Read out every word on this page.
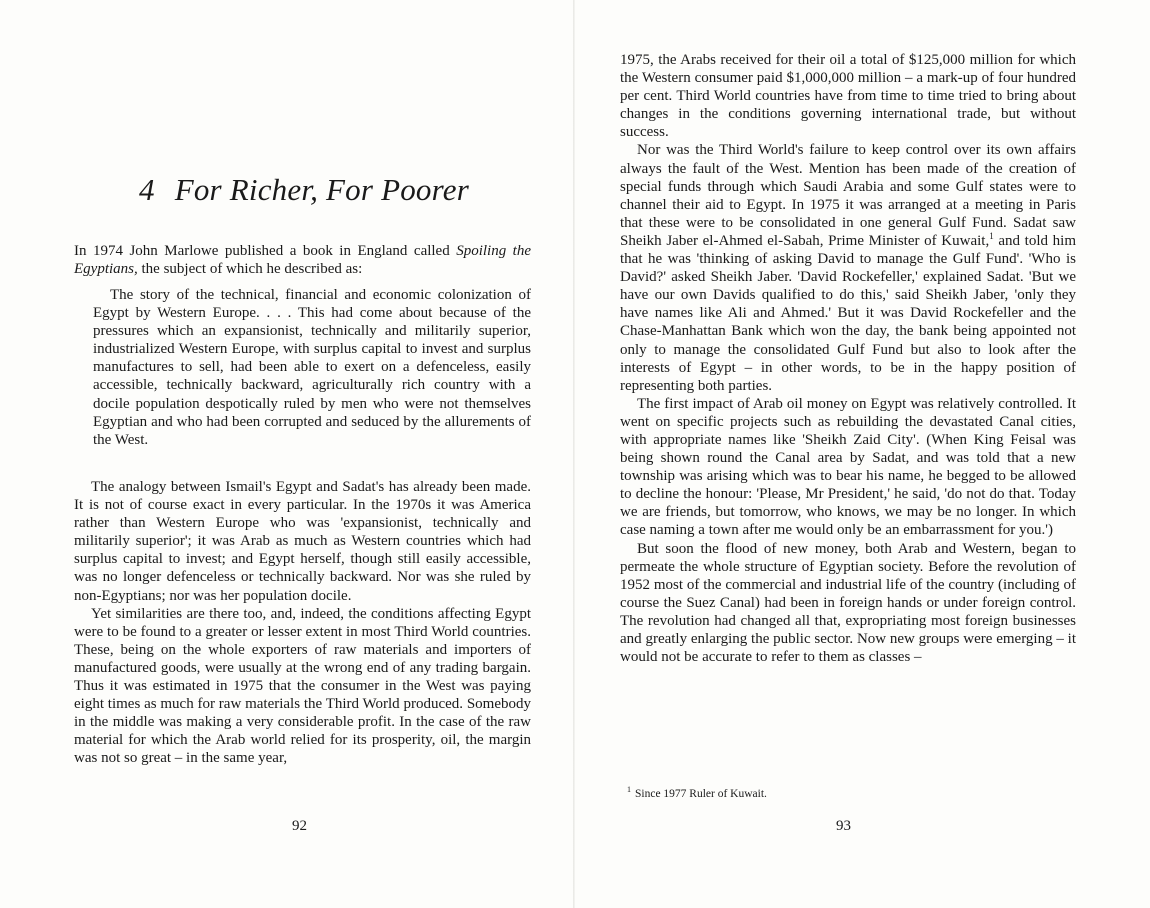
4 For Richer, For Poorer

In 1974 John Marlowe published a book in England called Spoiling the Egyptians, the subject of which he described as:

The story of the technical, financial and economic colonization of Egypt by Western Europe. . . . This had come about because of the pressures which an expansionist, technically and militarily superior, industrialized Western Europe, with surplus capital to invest and surplus manufactures to sell, had been able to exert on a defenceless, easily accessible, technically backward, agriculturally rich country with a docile population despotically ruled by men who were not themselves Egyptian and who had been corrupted and seduced by the allurements of the West.

The analogy between Ismail's Egypt and Sadat's has already been made. It is not of course exact in every particular. In the 1970s it was America rather than Western Europe who was 'expansionist, technically and militarily superior'; it was Arab as much as Western countries which had surplus capital to invest; and Egypt herself, though still easily accessible, was no longer defenceless or technically backward. Nor was she ruled by non-Egyptians; nor was her population docile.

Yet similarities are there too, and, indeed, the conditions affecting Egypt were to be found to a greater or lesser extent in most Third World countries. These, being on the whole exporters of raw materials and importers of manufactured goods, were usually at the wrong end of any trading bargain. Thus it was estimated in 1975 that the consumer in the West was paying eight times as much for raw materials the Third World produced. Somebody in the middle was making a very considerable profit. In the case of the raw material for which the Arab world relied for its prosperity, oil, the margin was not so great – in the same year,

92

1975, the Arabs received for their oil a total of $125,000 million for which the Western consumer paid $1,000,000 million – a mark-up of four hundred per cent. Third World countries have from time to time tried to bring about changes in the conditions governing international trade, but without success.

Nor was the Third World's failure to keep control over its own affairs always the fault of the West. Mention has been made of the creation of special funds through which Saudi Arabia and some Gulf states were to channel their aid to Egypt. In 1975 it was arranged at a meeting in Paris that these were to be consolidated in one general Gulf Fund. Sadat saw Sheikh Jaber el-Ahmed el-Sabah, Prime Minister of Kuwait,$^1$ and told him that he was 'thinking of asking David to manage the Gulf Fund'. 'Who is David?' asked Sheikh Jaber. 'David Rockefeller,' explained Sadat. 'But we have our own Davids qualified to do this,' said Sheikh Jaber, 'only they have names like Ali and Ahmed.' But it was David Rockefeller and the Chase-Manhattan Bank which won the day, the bank being appointed not only to manage the consolidated Gulf Fund but also to look after the interests of Egypt – in other words, to be in the happy position of representing both parties.

The first impact of Arab oil money on Egypt was relatively controlled. It went on specific projects such as rebuilding the devastated Canal cities, with appropriate names like 'Sheikh Zaid City'. (When King Feisal was being shown round the Canal area by Sadat, and was told that a new township was arising which was to bear his name, he begged to be allowed to decline the honour: 'Please, Mr President,' he said, 'do not do that. Today we are friends, but tomorrow, who knows, we may be no longer. In which case naming a town after me would only be an embarrassment for you.')

But soon the flood of new money, both Arab and Western, began to permeate the whole structure of Egyptian society. Before the revolution of 1952 most of the commercial and industrial life of the country (including of course the Suez Canal) had been in foreign hands or under foreign control. The revolution had changed all that, expropriating most foreign businesses and greatly enlarging the public sector. Now new groups were emerging – it would not be accurate to refer to them as classes –

$^1$ Since 1977 Ruler of Kuwait.

93
